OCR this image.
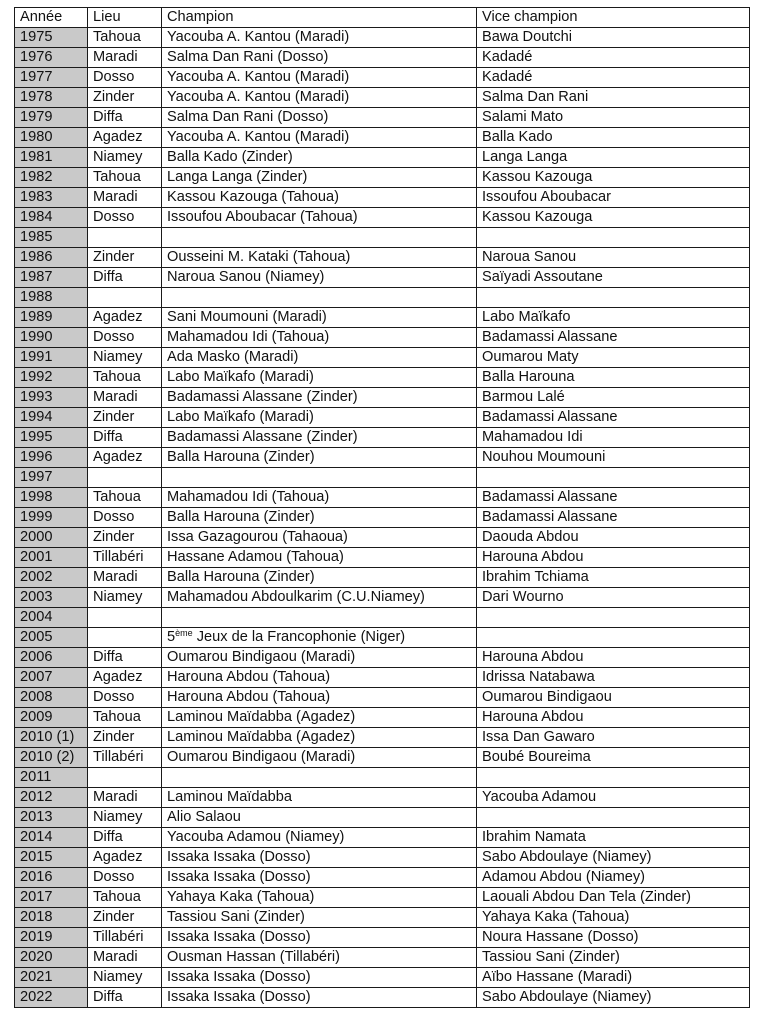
Année	Lieu	Champion	Vice champion
1975	Tahoua	Yacouba A. Kantou (Maradi)	Bawa Doutchi
1976	Maradi	Salma Dan Rani (Dosso)	Kadadé
1977	Dosso	Yacouba A. Kantou (Maradi)	Kadadé
1978	Zinder	Yacouba A. Kantou (Maradi)	Salma Dan Rani
1979	Diffa	Salma Dan Rani (Dosso)	Salami Mato
1980	Agadez	Yacouba A. Kantou (Maradi)	Balla Kado
1981	Niamey	Balla Kado (Zinder)	Langa Langa
1982	Tahoua	Langa Langa (Zinder)	Kassou Kazouga
1983	Maradi	Kassou Kazouga (Tahoua)	Issoufou Aboubacar
1984	Dosso	Issoufou Aboubacar (Tahoua)	Kassou Kazouga
1985			
1986	Zinder	Ousseini M. Kataki (Tahoua)	Naroua Sanou
1987	Diffa	Naroua Sanou (Niamey)	Saïyadi Assoutane
1988			
1989	Agadez	Sani Moumouni (Maradi)	Labo Maïkafo
1990	Dosso	Mahamadou Idi (Tahoua)	Badamassi Alassane
1991	Niamey	Ada Masko (Maradi)	Oumarou Maty
1992	Tahoua	Labo Maïkafo (Maradi)	Balla Harouna
1993	Maradi	Badamassi Alassane (Zinder)	Barmou Lalé
1994	Zinder	Labo Maïkafo (Maradi)	Badamassi Alassane
1995	Diffa	Badamassi Alassane (Zinder)	Mahamadou Idi
1996	Agadez	Balla Harouna (Zinder)	Nouhou Moumouni
1997			
1998	Tahoua	Mahamadou Idi (Tahoua)	Badamassi Alassane
1999	Dosso	Balla Harouna (Zinder)	Badamassi Alassane
2000	Zinder	Issa Gazagourou (Tahaoua)	Daouda Abdou
2001	Tillabéri	Hassane Adamou (Tahoua)	Harouna Abdou
2002	Maradi	Balla Harouna (Zinder)	Ibrahim Tchiama
2003	Niamey	Mahamadou Abdoulkarim (C.U.Niamey)	Dari Wourno
2004			
2005		5ème Jeux de la Francophonie (Niger)	
2006	Diffa	Oumarou Bindigaou (Maradi)	Harouna Abdou
2007	Agadez	Harouna Abdou (Tahoua)	Idrissa Natabawa
2008	Dosso	Harouna Abdou (Tahoua)	Oumarou Bindigaou
2009	Tahoua	Laminou Maïdabba (Agadez)	Harouna Abdou
2010 (1)	Zinder	Laminou Maïdabba (Agadez)	Issa Dan Gawaro
2010 (2)	Tillabéri	Oumarou Bindigaou (Maradi)	Boubé Boureima
2011			
2012	Maradi	Laminou Maïdabba	Yacouba Adamou
2013	Niamey	Alio Salaou	
2014	Diffa	Yacouba Adamou (Niamey)	Ibrahim Namata
2015	Agadez	Issaka Issaka (Dosso)	Sabo Abdoulaye (Niamey)
2016	Dosso	Issaka Issaka (Dosso)	Adamou Abdou (Niamey)
2017	Tahoua	Yahaya Kaka (Tahoua)	Laouali Abdou Dan Tela (Zinder)
2018	Zinder	Tassiou Sani (Zinder)	Yahaya Kaka (Tahoua)
2019	Tillabéri	Issaka Issaka (Dosso)	Noura Hassane (Dosso)
2020	Maradi	Ousman Hassan (Tillabéri)	Tassiou Sani (Zinder)
2021	Niamey	Issaka Issaka (Dosso)	Aïbo Hassane (Maradi)
2022	Diffa	Issaka Issaka (Dosso)	Sabo Abdoulaye (Niamey)
